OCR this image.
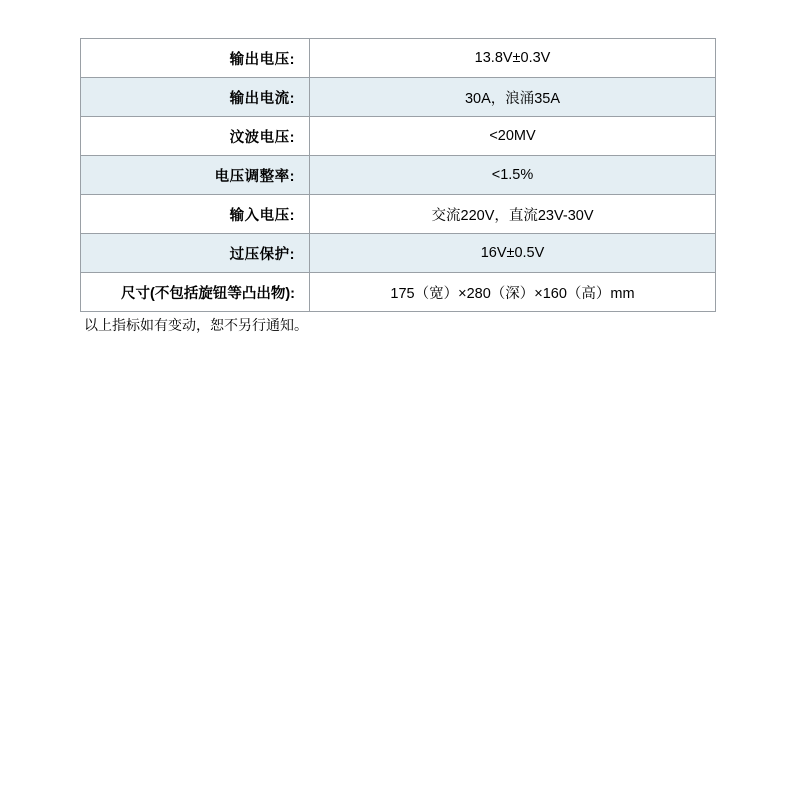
输出电压:	13.8V±0.3V
输出电流:	30A，浪涌35A
汶波电压:	<20MV
电压调整率:	<1.5%
输入电压:	交流220V，直流23V-30V
过压保护:	16V±0.5V
尺寸(不包括旋钮等凸出物):	175（宽）×280（深）×160（高）mm
以上指标如有变动，恕不另行通知。
